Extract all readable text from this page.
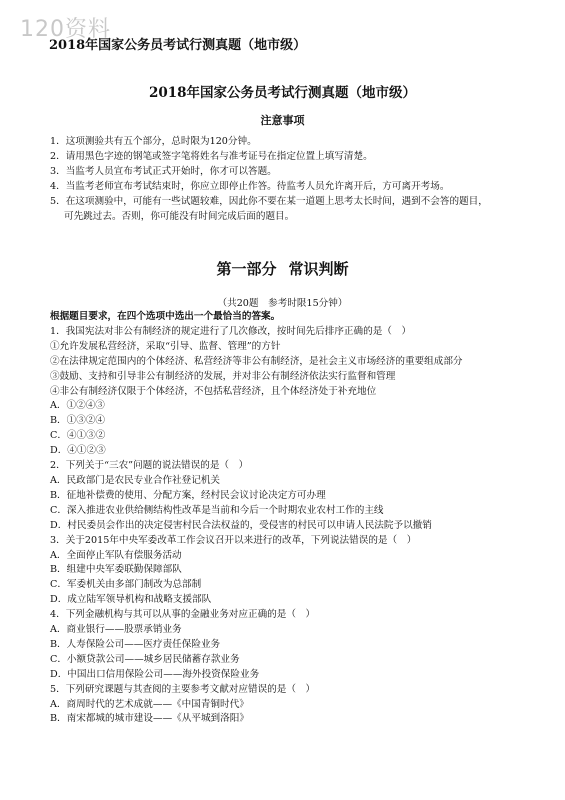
120资料
2018年国家公务员考试行测真题（地市级）
2018年国家公务员考试行测真题（地市级）
注意事项
1．这项测验共有五个部分，总时限为120分钟。
2．请用黑色字迹的钢笔或签字笔将姓名与准考证号在指定位置上填写清楚。
3．当监考人员宣布考试正式开始时，你才可以答题。
4．当监考老师宣布考试结束时，你应立即停止作答。待监考人员允许离开后，方可离开考场。
5．在这项测验中，可能有一些试题较难，因此你不要在某一道题上思考太长时间，遇到不会答的题目，
可先跳过去。否则，你可能没有时间完成后面的题目。
第一部分 常识判断
（共20题　参考时限15分钟）
根据题目要求，在四个选项中选出一个最恰当的答案。
1．我国宪法对非公有制经济的规定进行了几次修改，按时间先后排序正确的是（　）
①允许发展私营经济，采取“引导、监督、管理”的方针
②在法律规定范围内的个体经济、私营经济等非公有制经济，是社会主义市场经济的重要组成部分
③鼓励、支持和引导非公有制经济的发展，并对非公有制经济依法实行监督和管理
④非公有制经济仅限于个体经济，不包括私营经济，且个体经济处于补充地位
A．①②④③
B．①③②④
C．④①③②
D．④①②③
2．下列关于“三农”问题的说法错误的是（　）
A．民政部门是农民专业合作社登记机关
B．征地补偿费的使用、分配方案，经村民会议讨论决定方可办理
C．深入推进农业供给侧结构性改革是当前和今后一个时期农业农村工作的主线
D．村民委员会作出的决定侵害村民合法权益的，受侵害的村民可以申请人民法院予以撤销
3．关于2015年中央军委改革工作会议召开以来进行的改革，下列说法错误的是（　）
A．全面停止军队有偿服务活动
B．组建中央军委联勤保障部队
C．军委机关由多部门制改为总部制
D．成立陆军领导机构和战略支援部队
4．下列金融机构与其可以从事的金融业务对应正确的是（　）
A．商业银行——股票承销业务
B．人寿保险公司——医疗责任保险业务
C．小额贷款公司——城乡居民储蓄存款业务
D．中国出口信用保险公司——海外投资保险业务
5．下列研究课题与其查阅的主要参考文献对应错误的是（　）
A．商周时代的艺术成就——《中国青铜时代》
B．南宋都城的城市建设——《从平城到洛阳》
